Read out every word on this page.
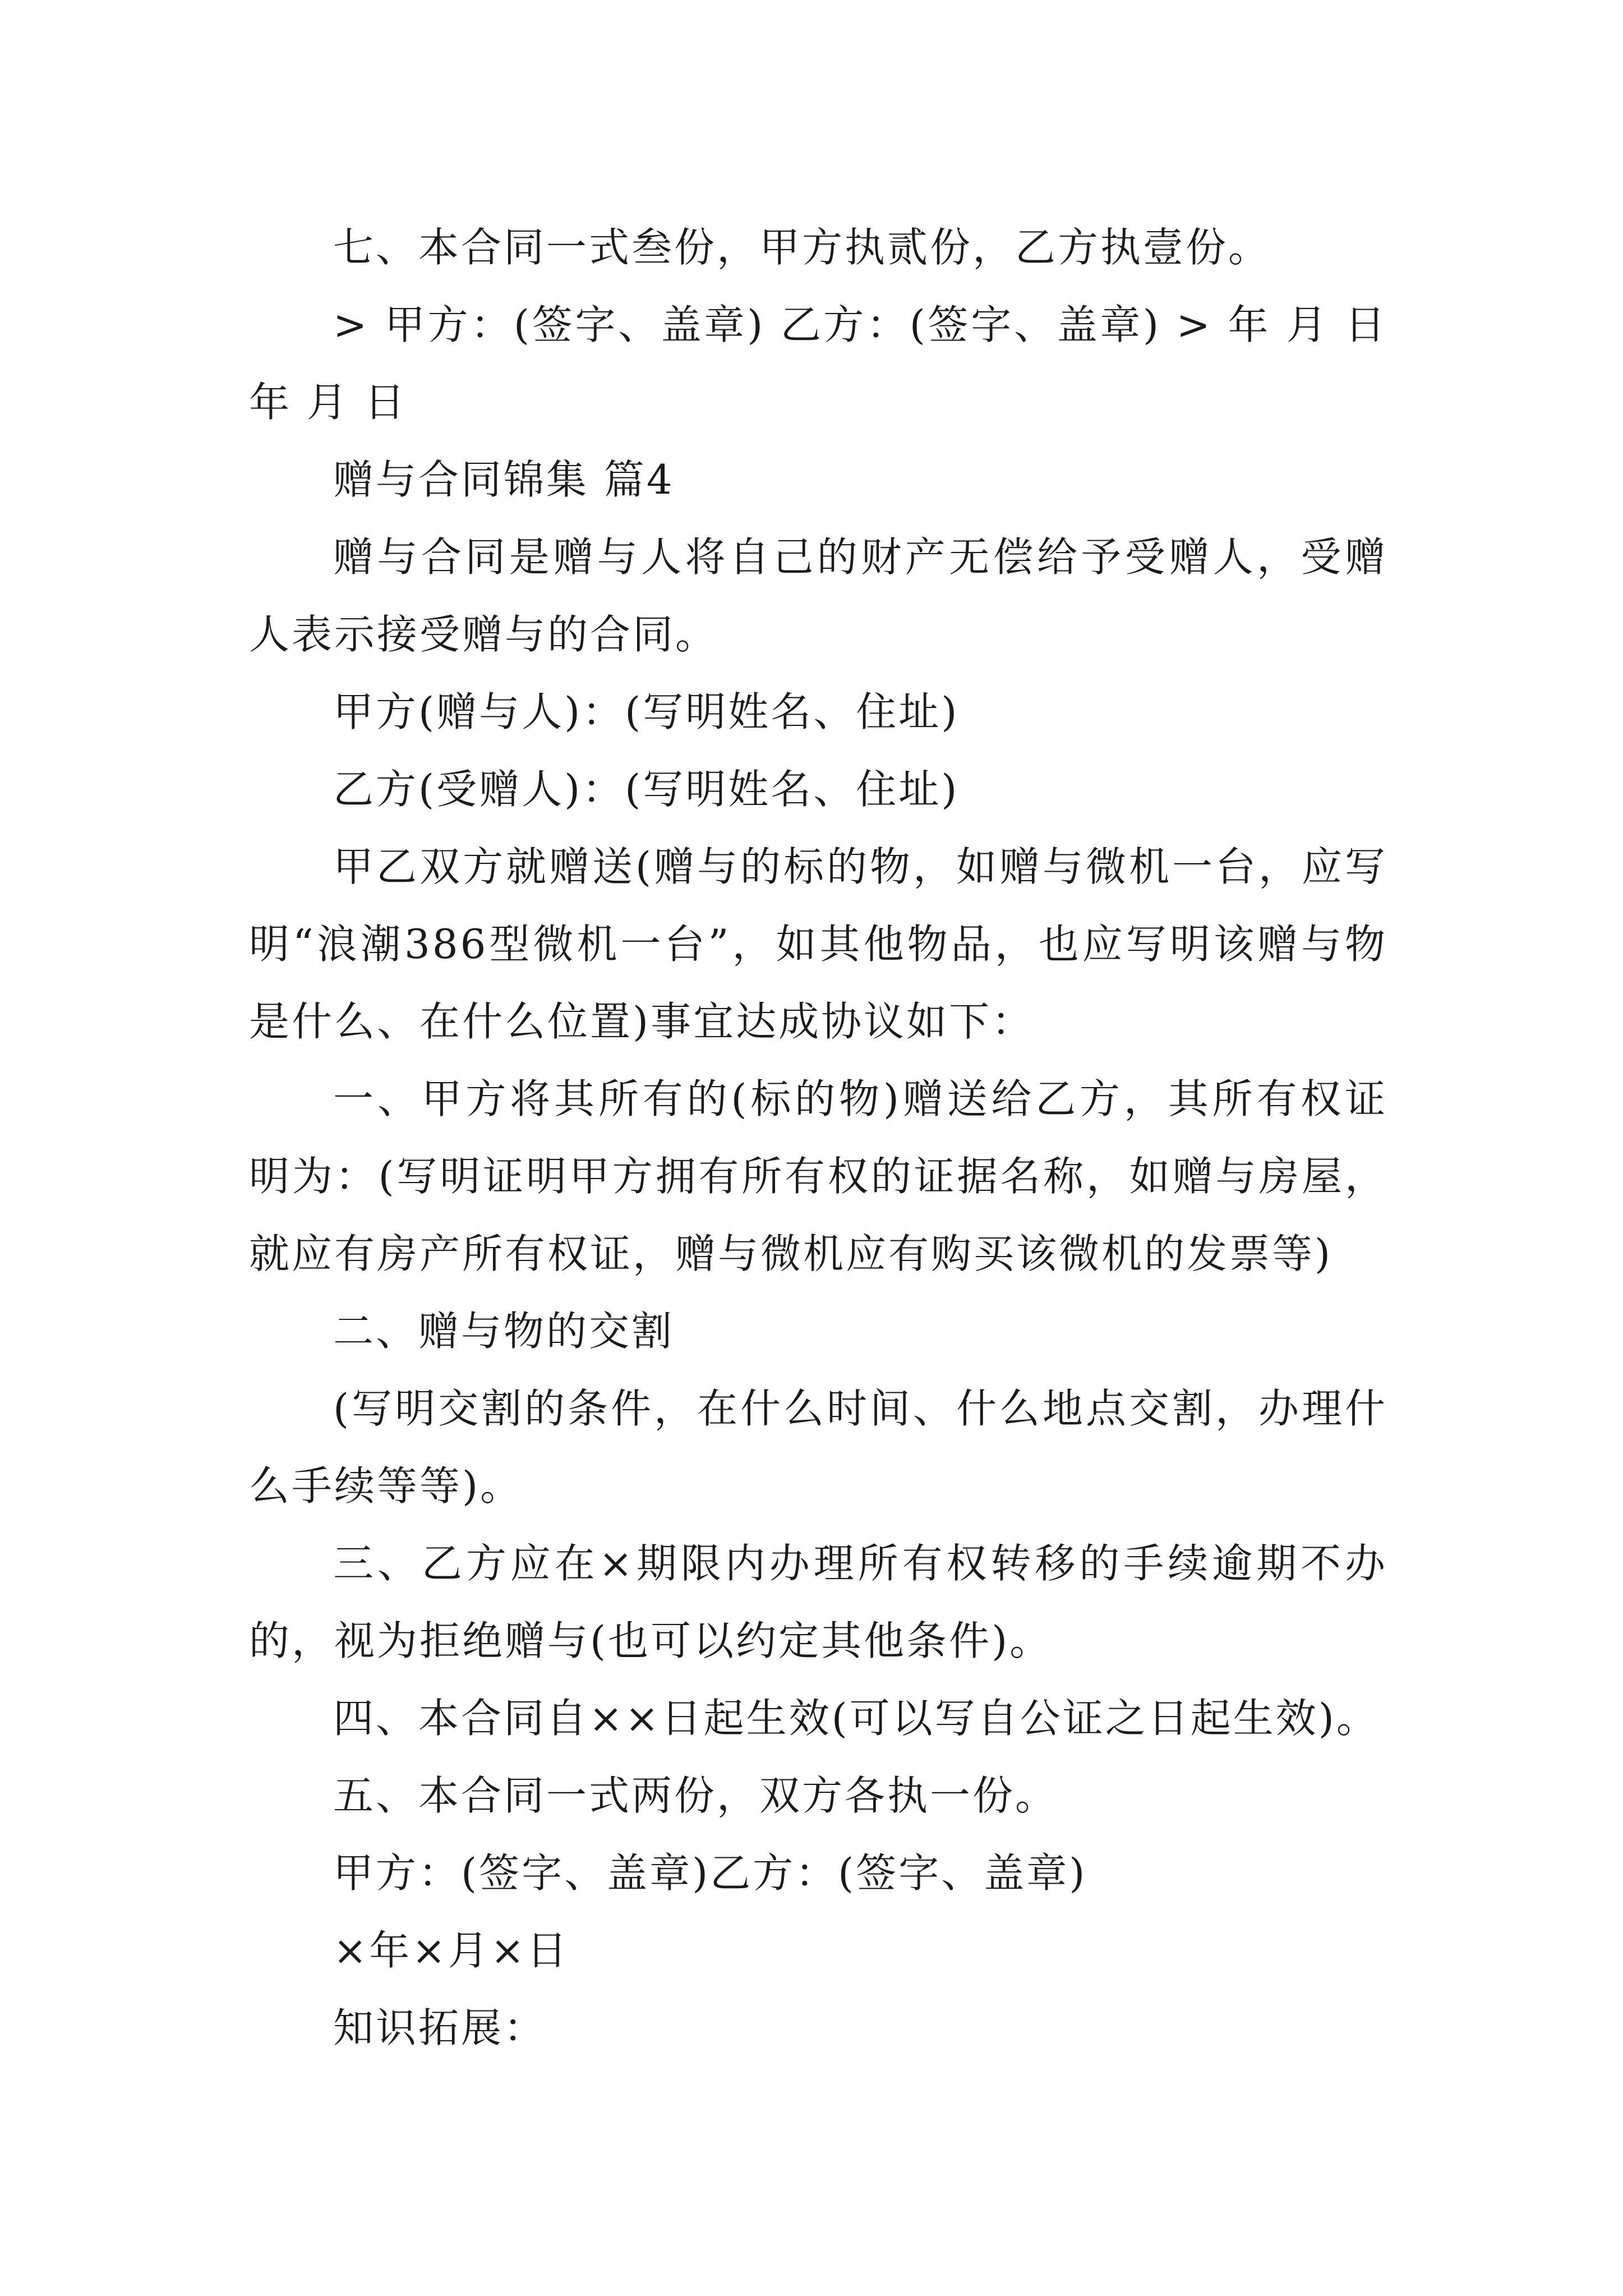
七、本合同一式叁份，甲方执贰份，乙方执壹份。

> 甲方：(签字、盖章) 乙方：(签字、盖章) > 年 月 日 年 月 日

赠与合同锦集 篇4

赠与合同是赠与人将自己的财产无偿给予受赠人，受赠人表示接受赠与的合同。

甲方(赠与人)：(写明姓名、住址)

乙方(受赠人)：(写明姓名、住址)

甲乙双方就赠送(赠与的标的物，如赠与微机一台，应写明“浪潮386型微机一台”，如其他物品，也应写明该赠与物是什么、在什么位置)事宜达成协议如下：

一、甲方将其所有的(标的物)赠送给乙方，其所有权证明为：(写明证明甲方拥有所有权的证据名称，如赠与房屋，就应有房产所有权证，赠与微机应有购买该微机的发票等)

二、赠与物的交割

(写明交割的条件，在什么时间、什么地点交割，办理什么手续等等)。

三、乙方应在×期限内办理所有权转移的手续逾期不办的，视为拒绝赠与(也可以约定其他条件)。

四、本合同自××日起生效(可以写自公证之日起生效)。

五、本合同一式两份，双方各执一份。

甲方：(签字、盖章)乙方：(签字、盖章)

×年×月×日

知识拓展：
